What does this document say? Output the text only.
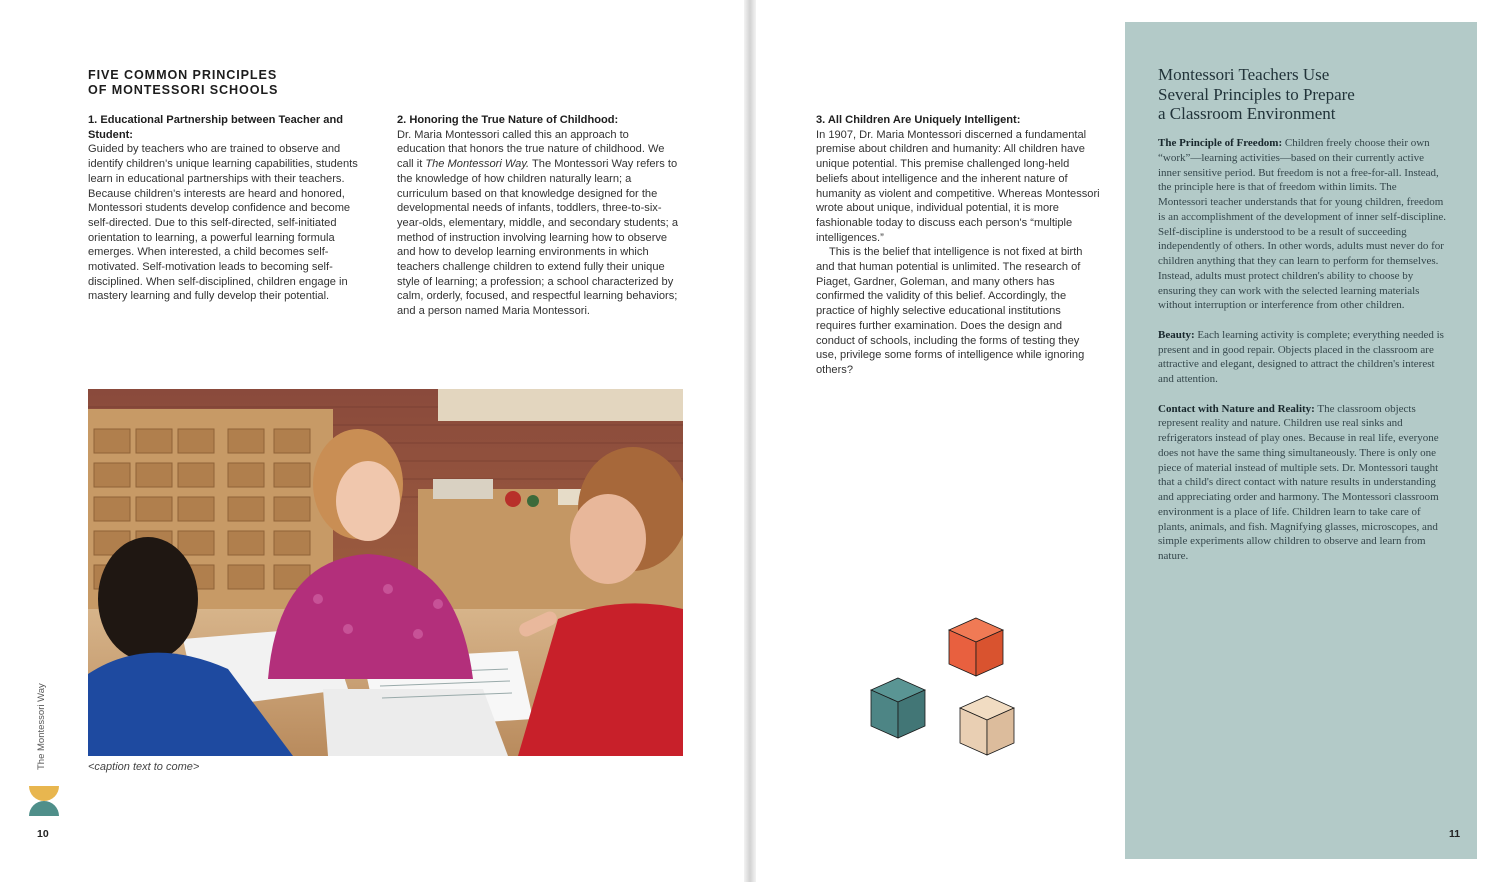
FIVE COMMON PRINCIPLES
OF MONTESSORI SCHOOLS

1. Educational Partnership between Teacher and Student:

Guided by teachers who are trained to observe and identify children's unique learning capabilities, students learn in educational partnerships with their teachers. Because children's interests are heard and honored, Montessori students develop confidence and become self-directed. Due to this self-directed, self-initiated orientation to learning, a powerful learning formula emerges. When interested, a child becomes self-motivated. Self-motivation leads to becoming self-disciplined. When self-disciplined, children engage in mastery learning and fully develop their potential.

2. Honoring the True Nature of Childhood:

Dr. Maria Montessori called this an approach to education that honors the true nature of childhood. We call it The Montessori Way. The Montessori Way refers to the knowledge of how children naturally learn; a curriculum based on that knowledge designed for the developmental needs of infants, toddlers, three-to-six-year-olds, elementary, middle, and secondary students; a method of instruction involving learning how to observe and how to develop learning environments in which teachers challenge children to extend fully their unique style of learning; a profession; a school characterized by calm, orderly, focused, and respectful learning behaviors; and a person named Maria Montessori.

<caption text to come>
The Montessori Way
10

3. All Children Are Uniquely Intelligent:

In 1907, Dr. Maria Montessori discerned a fundamental premise about children and humanity: All children have unique potential. This premise challenged long-held beliefs about intelligence and the inherent nature of humanity as violent and competitive. Whereas Montessori wrote about unique, individual potential, it is more fashionable today to discuss each person's “multiple intelligences.”

This is the belief that intelligence is not fixed at birth and that human potential is unlimited. The research of Piaget, Gardner, Goleman, and many others has confirmed the validity of this belief. Accordingly, the practice of highly selective educational institutions requires further examination. Does the design and conduct of schools, including the forms of testing they use, privilege some forms of intelligence while ignoring others?

Montessori Teachers Use
Several Principles to Prepare
a Classroom Environment

The Principle of Freedom: Children freely choose their own “work”—learning activities—based on their currently active inner sensitive period. But freedom is not a free-for-all. Instead, the principle here is that of freedom within limits. The Montessori teacher understands that for young children, freedom is an accomplishment of the development of inner self-discipline. Self-discipline is understood to be a result of succeeding independently of others. In other words, adults must never do for children anything that they can learn to perform for themselves. Instead, adults must protect children's ability to choose by ensuring they can work with the selected learning materials without interruption or interference from other children.

Beauty: Each learning activity is complete; everything needed is present and in good repair. Objects placed in the classroom are attractive and elegant, designed to attract the children's interest and attention.

Contact with Nature and Reality: The classroom objects represent reality and nature. Children use real sinks and refrigerators instead of play ones. Because in real life, everyone does not have the same thing simultaneously. There is only one piece of material instead of multiple sets. Dr. Montessori taught that a child's direct contact with nature results in understanding and appreciating order and harmony. The Montessori classroom environment is a place of life. Children learn to take care of plants, animals, and fish. Magnifying glasses, microscopes, and simple experiments allow children to observe and learn from nature.

11
